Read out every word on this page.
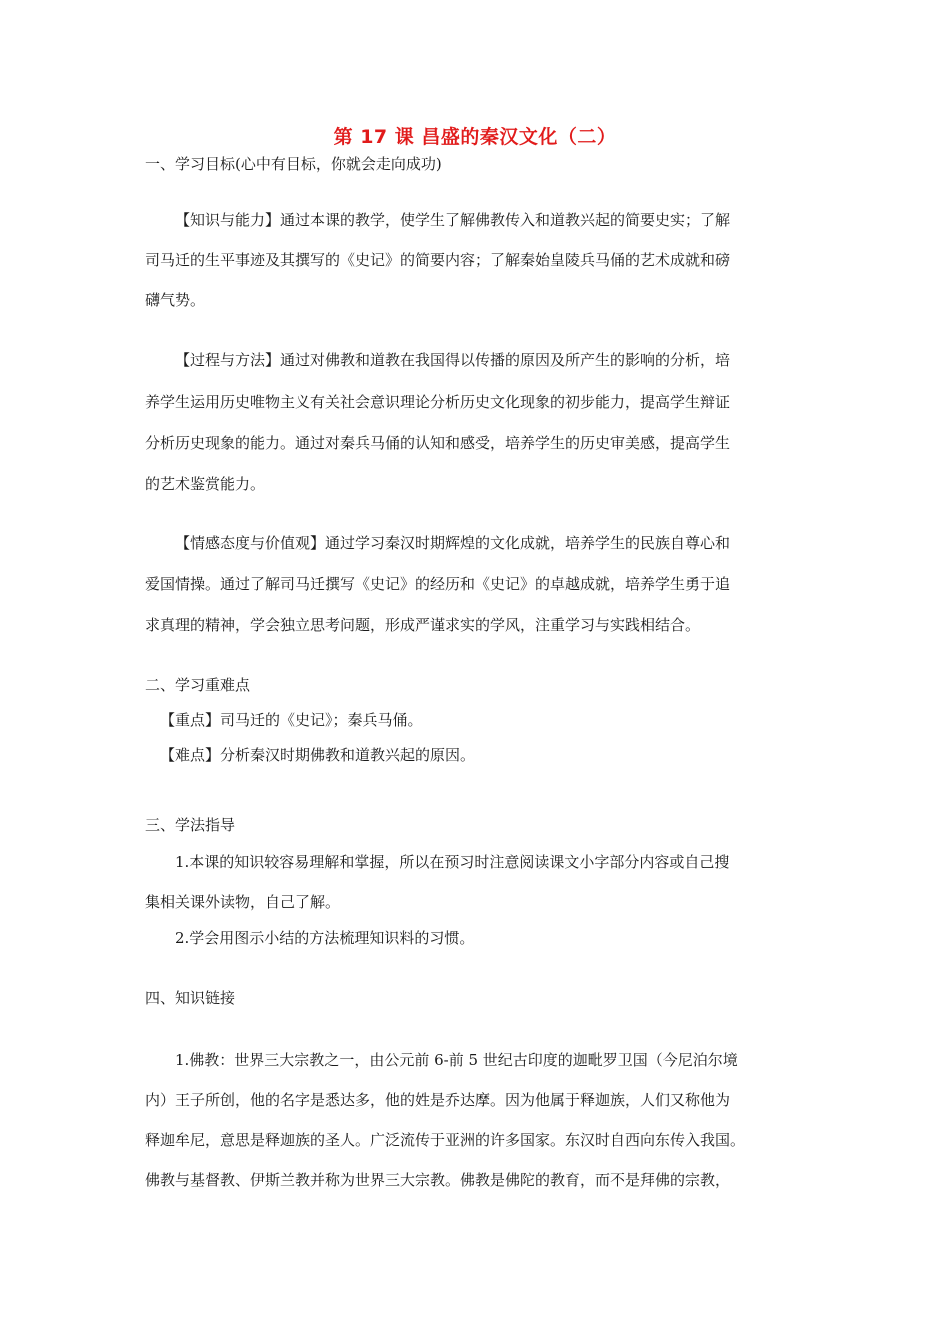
第 17 课 昌盛的秦汉文化（二）
一、学习目标(心中有目标，你就会走向成功)
【知识与能力】通过本课的教学，使学生了解佛教传入和道教兴起的简要史实；了解
司马迁的生平事迹及其撰写的《史记》的简要内容；了解秦始皇陵兵马俑的艺术成就和磅
礴气势。
【过程与方法】通过对佛教和道教在我国得以传播的原因及所产生的影响的分析，培
养学生运用历史唯物主义有关社会意识理论分析历史文化现象的初步能力，提高学生辩证
分析历史现象的能力。通过对秦兵马俑的认知和感受，培养学生的历史审美感，提高学生
的艺术鉴赏能力。
【情感态度与价值观】通过学习秦汉时期辉煌的文化成就，培养学生的民族自尊心和
爱国情操。通过了解司马迁撰写《史记》的经历和《史记》的卓越成就，培养学生勇于追
求真理的精神，学会独立思考问题，形成严谨求实的学风，注重学习与实践相结合。
二、学习重难点
【重点】司马迁的《史记》；秦兵马俑。
【难点】分析秦汉时期佛教和道教兴起的原因。
三、学法指导
1.本课的知识较容易理解和掌握，所以在预习时注意阅读课文小字部分内容或自己搜
集相关课外读物，自己了解。
2.学会用图示小结的方法梳理知识料的习惯。
四、知识链接
1.佛教：世界三大宗教之一，由公元前 6-前 5 世纪古印度的迦毗罗卫国（今尼泊尔境
内）王子所创，他的名字是悉达多，他的姓是乔达摩。因为他属于释迦族，人们又称他为
释迦牟尼，意思是释迦族的圣人。广泛流传于亚洲的许多国家。东汉时自西向东传入我国。
佛教与基督教、伊斯兰教并称为世界三大宗教。佛教是佛陀的教育，而不是拜佛的宗教，
